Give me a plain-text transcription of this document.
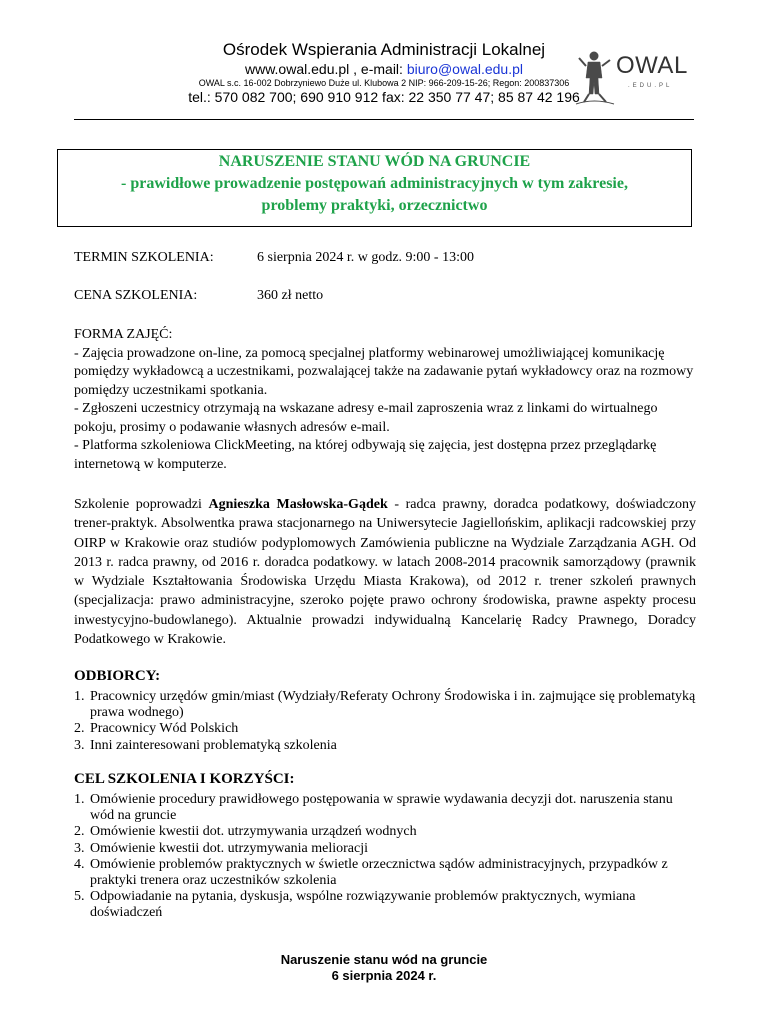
Ośrodek Wspierania Administracji Lokalnej
www.owal.edu.pl , e-mail: biuro@owal.edu.pl
OWAL s.c. 16-002 Dobrzyniewo Duże ul. Klubowa 2 NIP: 966-209-15-26; Regon: 200837306
tel.: 570 082 700; 690 910 912 fax: 22 350 77 47; 85 87 42 196
OWAL
.EDU.PL
NARUSZENIE STANU WÓD NA GRUNCIE
- prawidłowe prowadzenie postępowań administracyjnych w tym zakresie,
problemy praktyki, orzecznictwo
TERMIN SZKOLENIA:	6 sierpnia 2024 r. w godz. 9:00 - 13:00
CENA SZKOLENIA:	360 zł netto
FORMA ZAJĘĆ:
- Zajęcia prowadzone on-line, za pomocą specjalnej platformy webinarowej umożliwiającej komunikację pomiędzy wykładowcą a uczestnikami, pozwalającej także na zadawanie pytań wykładowcy oraz na rozmowy pomiędzy uczestnikami spotkania.
- Zgłoszeni uczestnicy otrzymają na wskazane adresy e-mail zaproszenia wraz z linkami do wirtualnego pokoju, prosimy o podawanie własnych adresów e-mail.
- Platforma szkoleniowa ClickMeeting, na której odbywają się zajęcia, jest dostępna przez przeglądarkę internetową w komputerze.
Szkolenie poprowadzi Agnieszka Masłowska-Gądek - radca prawny, doradca podatkowy, doświadczony trener-praktyk. Absolwentka prawa stacjonarnego na Uniwersytecie Jagiellońskim, aplikacji radcowskiej przy OIRP w Krakowie oraz studiów podyplomowych Zamówienia publiczne na Wydziale Zarządzania AGH. Od 2013 r. radca prawny, od 2016 r. doradca podatkowy. w latach 2008-2014 pracownik samorządowy (prawnik w Wydziale Kształtowania Środowiska Urzędu Miasta Krakowa), od 2012 r. trener szkoleń prawnych (specjalizacja: prawo administracyjne, szeroko pojęte prawo ochrony środowiska, prawne aspekty procesu inwestycyjno-budowlanego). Aktualnie prowadzi indywidualną Kancelarię Radcy Prawnego, Doradcy Podatkowego w Krakowie.
ODBIORCY:
1. Pracownicy urzędów gmin/miast (Wydziały/Referaty Ochrony Środowiska i in. zajmujące się problematyką prawa wodnego)
2. Pracownicy Wód Polskich
3. Inni zainteresowani problematyką szkolenia
CEL SZKOLENIA I KORZYŚCI:
1. Omówienie procedury prawidłowego postępowania w sprawie wydawania decyzji dot. naruszenia stanu wód na gruncie
2. Omówienie kwestii dot. utrzymywania urządzeń wodnych
3. Omówienie kwestii dot. utrzymywania melioracji
4. Omówienie problemów praktycznych w świetle orzecznictwa sądów administracyjnych, przypadków z praktyki trenera oraz uczestników szkolenia
5. Odpowiadanie na pytania, dyskusja, wspólne rozwiązywanie problemów praktycznych, wymiana doświadczeń
Naruszenie stanu wód na gruncie
6 sierpnia 2024 r.
